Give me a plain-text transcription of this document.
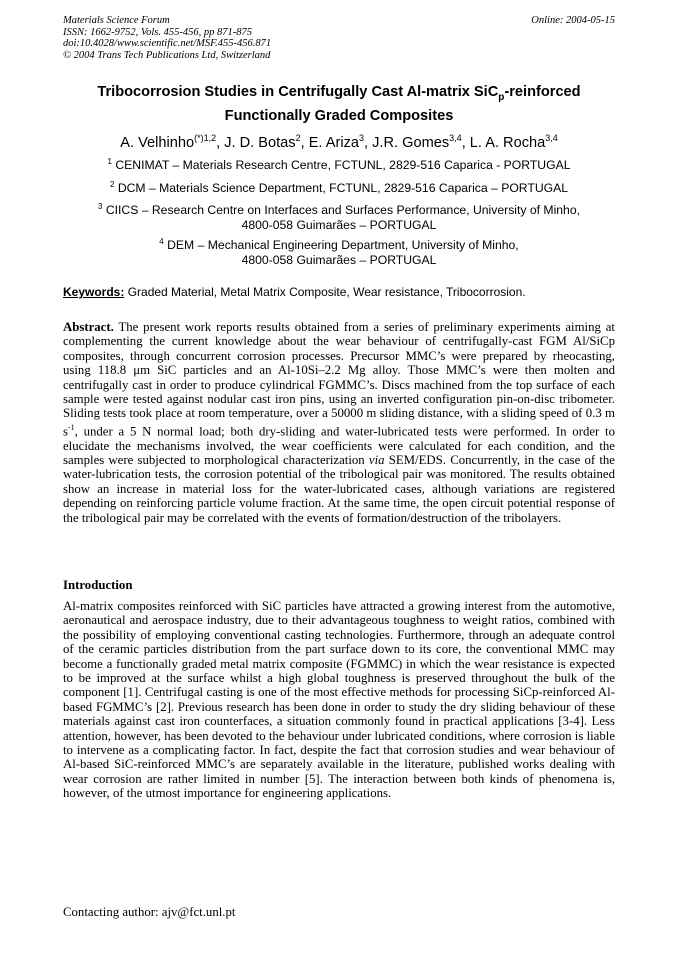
Materials Science Forum
ISSN: 1662-9752, Vols. 455-456, pp 871-875
doi:10.4028/www.scientific.net/MSF.455-456.871
© 2004 Trans Tech Publications Ltd, Switzerland
Online: 2004-05-15
Tribocorrosion Studies in Centrifugally Cast Al-matrix SiC$_p$-reinforced Functionally Graded Composites
A. Velhinho$^{(*)1,2}$, J. D. Botas$^2$, E. Ariza$^3$, J.R. Gomes$^{3,4}$, L. A. Rocha$^{3,4}$
$^1$ CENIMAT – Materials Research Centre, FCTUNL, 2829-516 Caparica - PORTUGAL
$^2$ DCM – Materials Science Department, FCTUNL, 2829-516 Caparica – PORTUGAL
$^3$ CIICS – Research Centre on Interfaces and Surfaces Performance, University of Minho,
4800-058 Guimarães – PORTUGAL
$^4$ DEM – Mechanical Engineering Department, University of Minho,
4800-058 Guimarães – PORTUGAL
Keywords: Graded Material, Metal Matrix Composite, Wear resistance, Tribocorrosion.
Abstract. The present work reports results obtained from a series of preliminary experiments aiming at complementing the current knowledge about the wear behaviour of centrifugally-cast FGM Al/SiCp composites, through concurrent corrosion processes. Precursor MMC’s were prepared by rheocasting, using 118.8 μm SiC particles and an Al-10Si–2.2 Mg alloy. Those MMC’s were then molten and centrifugally cast in order to produce cylindrical FGMMC’s. Discs machined from the top surface of each sample were tested against nodular cast iron pins, using an inverted configuration pin-on-disc tribometer. Sliding tests took place at room temperature, over a 50000 m sliding distance, with a sliding speed of 0.3 m $s^{-1}$, under a 5 N normal load; both dry-sliding and water-lubricated tests were performed. In order to elucidate the mechanisms involved, the wear coefficients were calculated for each condition, and the samples were subjected to morphological characterization via SEM/EDS. Concurrently, in the case of the water-lubrication tests, the corrosion potential of the tribological pair was monitored. The results obtained show an increase in material loss for the water-lubricated cases, although variations are registered depending on reinforcing particle volume fraction. At the same time, the open circuit potential response of the tribological pair may be correlated with the events of formation/destruction of the tribolayers.
Introduction
Al-matrix composites reinforced with SiC particles have attracted a growing interest from the automotive, aeronautical and aerospace industry, due to their advantageous toughness to weight ratios, combined with the possibility of employing conventional casting technologies. Furthermore, through an adequate control of the ceramic particles distribution from the part surface down to its core, the conventional MMC may become a functionally graded metal matrix composite (FGMMC) in which the wear resistance is expected to be improved at the surface whilst a high global toughness is preserved throughout the bulk of the component [1]. Centrifugal casting is one of the most effective methods for processing SiCp-reinforced Al-based FGMMC’s [2]. Previous research has been done in order to study the dry sliding behaviour of these materials against cast iron counterfaces, a situation commonly found in practical applications [3-4]. Less attention, however, has been devoted to the behaviour under lubricated conditions, where corrosion is liable to intervene as a complicating factor. In fact, despite the fact that corrosion studies and wear behaviour of Al-based SiC-reinforced MMC’s are separately available in the literature, published works dealing with wear corrosion are rather limited in number [5]. The interaction between both kinds of phenomena is, however, of the utmost importance for engineering applications.
Contacting author: ajv@fct.unl.pt
